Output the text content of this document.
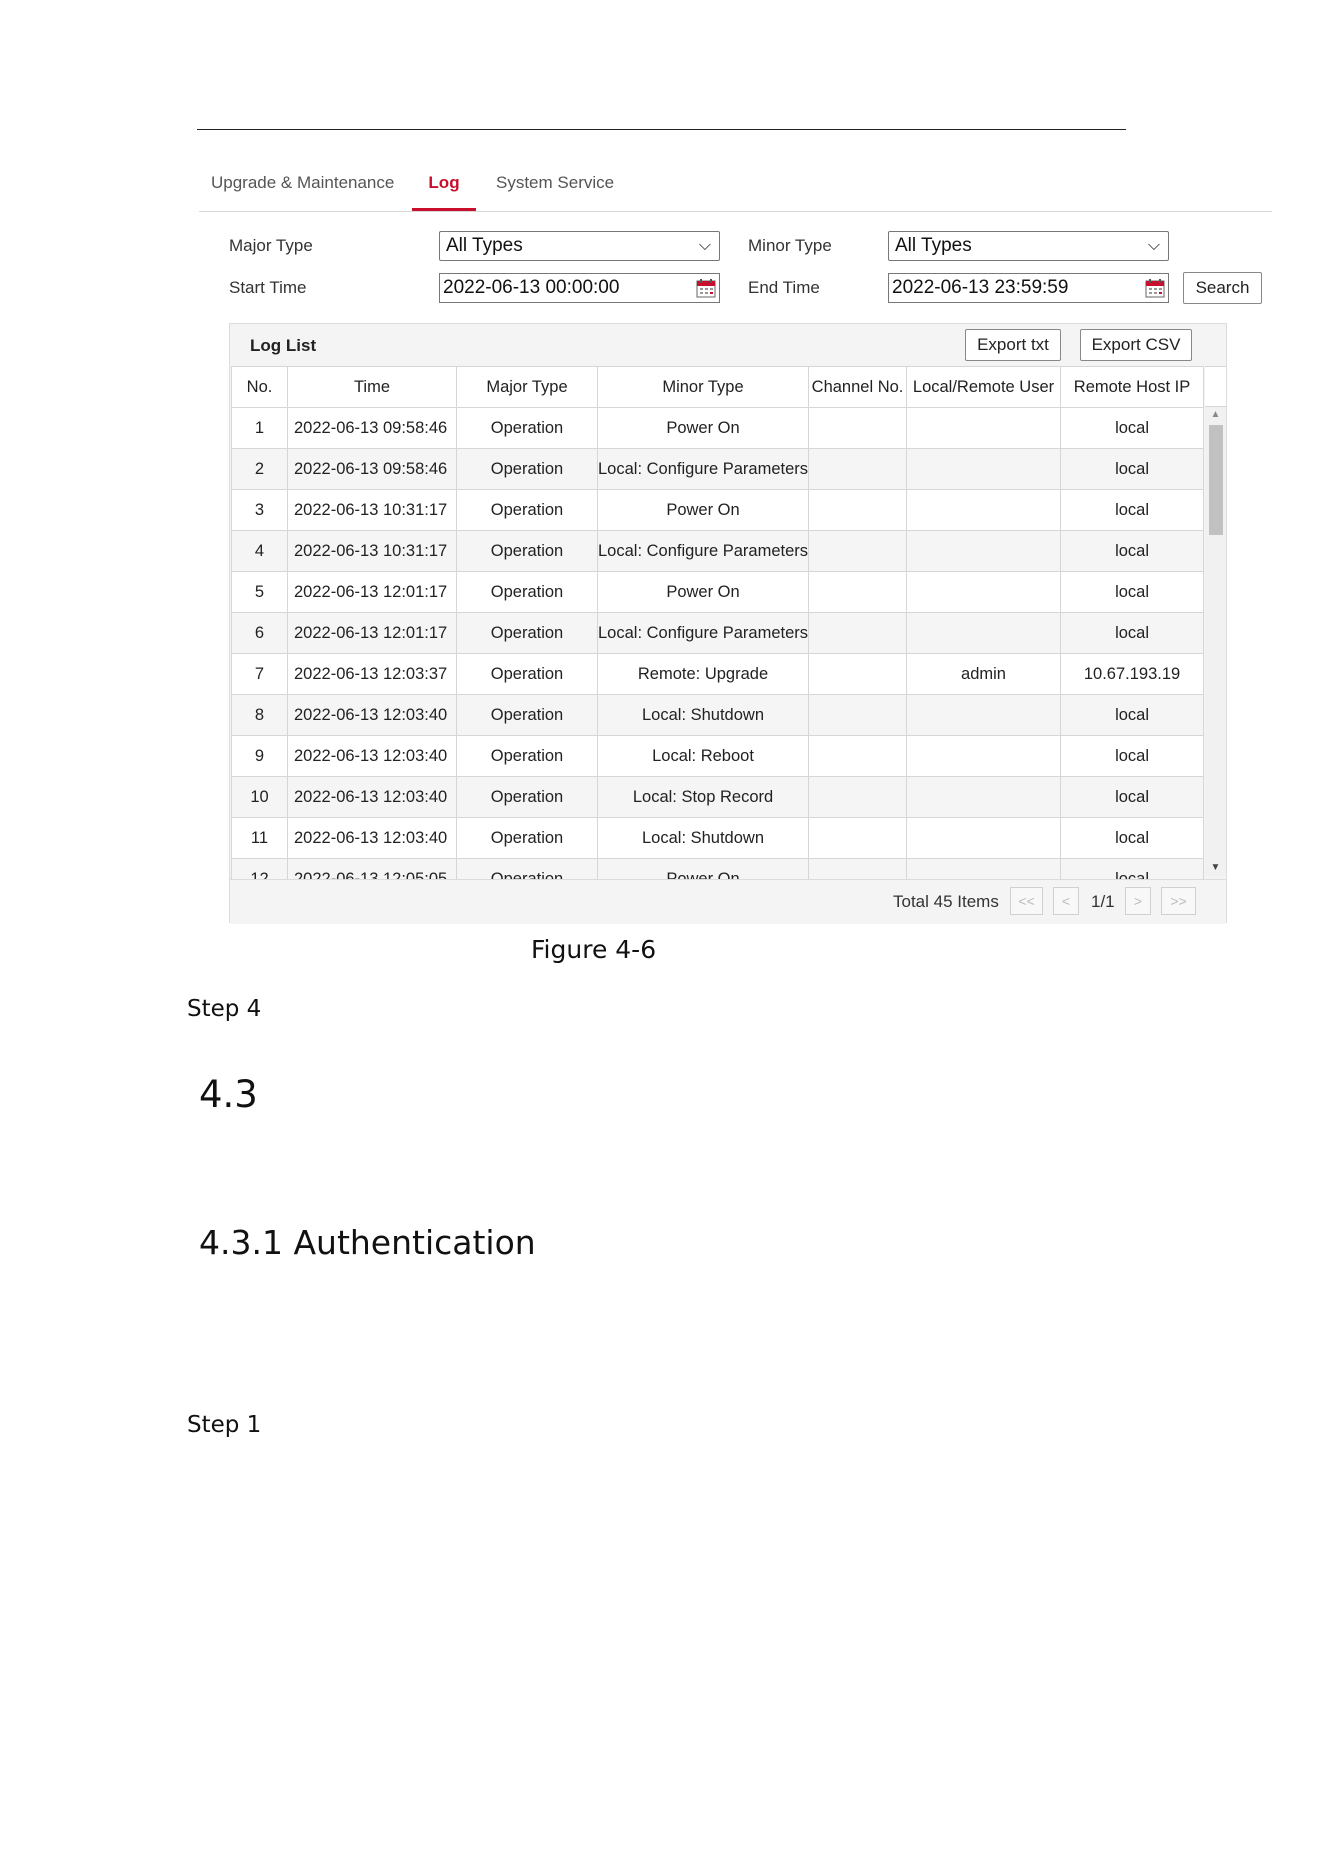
Upgrade & Maintenance	Log	System Service
Major Type	All Types	⌵ Minor Type	All Types	⌵
Start Time	2022-06-13 00:00:00	End Time	2022-06-13 23:59:59	Search
Log List	Export txt	Export CSV
No.	Time	Major Type	Minor Type	Channel No.	Local/Remote User	Remote Host IP
1	2022-06-13 09:58:46	Operation	Power On			local
2	2022-06-13 09:58:46	Operation	Local: Configure Parameters			local
3	2022-06-13 10:31:17	Operation	Power On			local
4	2022-06-13 10:31:17	Operation	Local: Configure Parameters			local
5	2022-06-13 12:01:17	Operation	Power On			local
6	2022-06-13 12:01:17	Operation	Local: Configure Parameters			local
7	2022-06-13 12:03:37	Operation	Remote: Upgrade		admin	10.67.193.19
8	2022-06-13 12:03:40	Operation	Local: Shutdown			local
9	2022-06-13 12:03:40	Operation	Local: Reboot			local
10	2022-06-13 12:03:40	Operation	Local: Stop Record			local
11	2022-06-13 12:03:40	Operation	Local: Shutdown			local

▲
▼
Total 45 Items	<<	<	1/1	>	>>
Figure 4-6
Step 4
4.3
4.3.1 Authentication
Step 1
